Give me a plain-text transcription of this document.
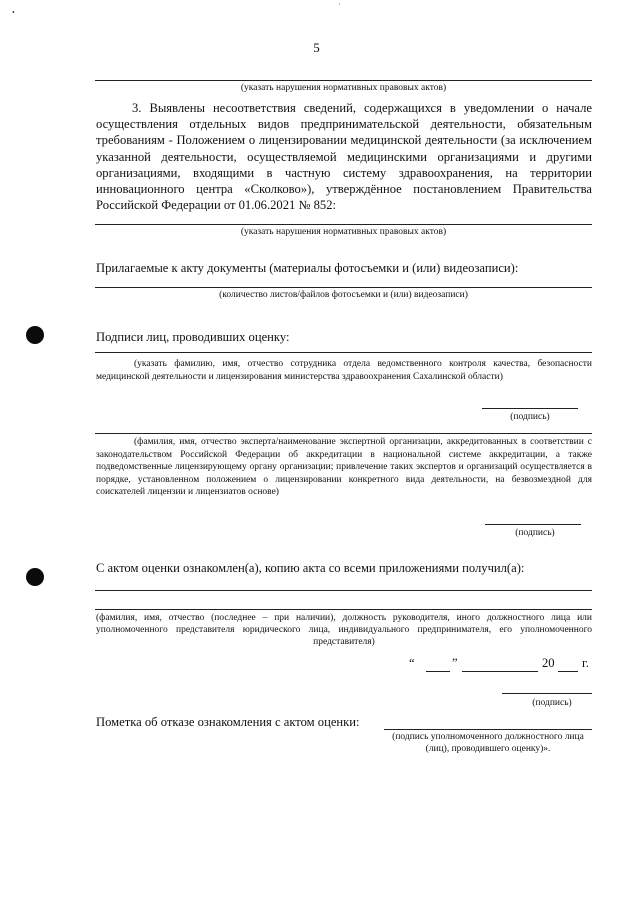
•
·
5
(указать нарушения нормативных правовых актов)
3. Выявлены несоответствия сведений, содержащихся в уведомлении о начале осуществления отдельных видов предпринимательской деятельности, обязательным требованиям - Положением о лицензировании медицинской деятельности (за исключением указанной деятельности, осуществляемой медицинскими организациями и другими организациями, входящими в частную систему здравоохранения, на территории инновационного центра «Сколково»), утверждённое постановлением Правительства Российской Федерации от 01.06.2021 № 852:
(указать нарушения нормативных правовых актов)
Прилагаемые к акту документы (материалы фотосъемки и (или) видеозаписи):
(количество листов/файлов фотосъемки и (или) видеозаписи)
Подписи лиц, проводивших оценку:
(указать фамилию, имя, отчество сотрудника отдела ведомственного контроля качества, безопасности медицинской деятельности и лицензирования министерства здравоохранения Сахалинской области)
(подпись)
(фамилия, имя, отчество эксперта/наименование экспертной организации, аккредитованных в соответствии с законодательством Российской Федерации об аккредитации в национальной системе аккредитации, а также подведомственные лицензирующему органу организации; привлечение таких экспертов и организаций осуществляется в порядке, установленном положением о лицензировании конкретного вида деятельности, на безвозмездной для соискателей лицензии и лицензиатов основе)
(подпись)
С актом оценки ознакомлен(а), копию акта со всеми приложениями получил(а):
(фамилия, имя, отчество (последнее – при наличии), должность руководителя, иного должностного лица или уполномоченного представителя юридического лица, индивидуального предпринимателя, его уполномоченного представителя)
“	”	20 г.
(подпись)
Пометка об отказе ознакомления с актом оценки:
(подпись уполномоченного должностного лица (лиц), проводившего оценку)».
